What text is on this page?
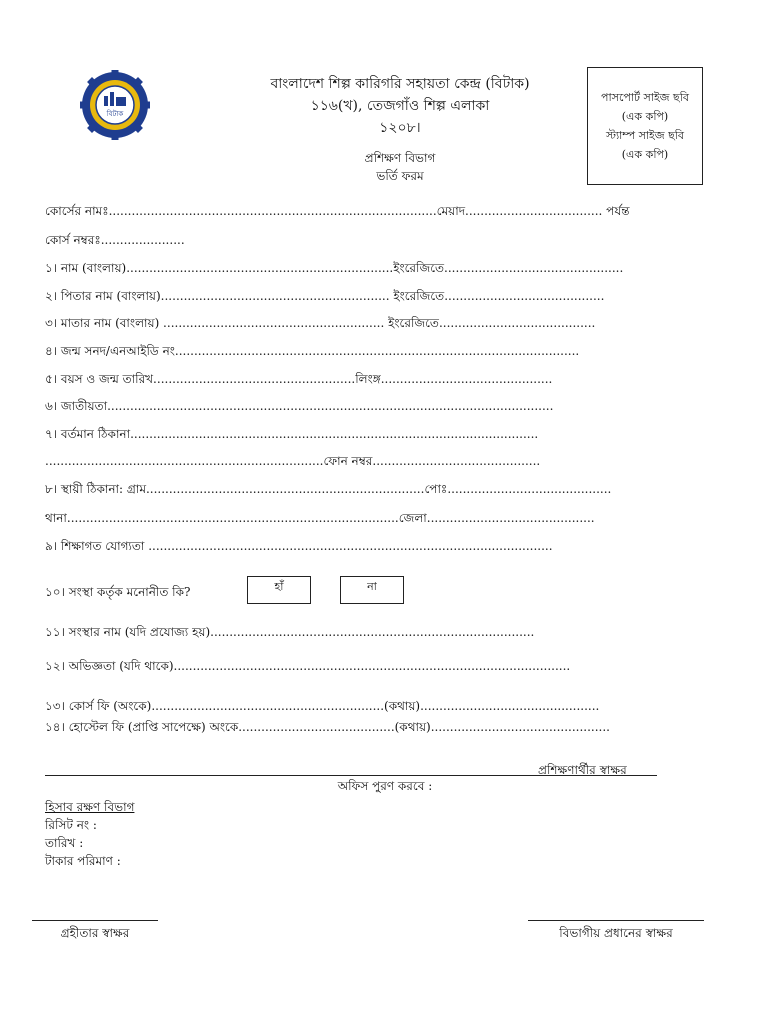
বিটাক
বাংলাদেশ শিল্প কারিগরি সহায়তা কেন্দ্র (বিটাক)
১১৬(খ), তেজগাঁও শিল্প এলাকা
১২০৮।
প্রশিক্ষণ বিভাগ
ভর্তি ফরম
পাসপোর্ট সাইজ ছবি
(এক কপি)
স্ট্যাম্প সাইজ ছবি
(এক কপি)
কোর্সের নামঃ......................................................................................মেয়াদ.................................... পর্যন্ত
কোর্স নম্বরঃ......................
১। নাম (বাংলায়)......................................................................ইংরেজিতে...............................................
২। পিতার নাম (বাংলায়)............................................................ ইংরেজিতে..........................................
৩। মাতার নাম (বাংলায়) .......................................................... ইংরেজিতে.........................................
৪। জন্ম সনদ/এনআইডি নং..........................................................................................................
৫। বয়স ও জন্ম তারিখ.....................................................লিংঙ্গ.............................................
৬। জাতীয়তা.....................................................................................................................
৭। বর্তমান ঠিকানা...........................................................................................................
.........................................................................ফোন নম্বর............................................
৮। স্থায়ী ঠিকানা: গ্রাম.........................................................................পোঃ...........................................
থানা.......................................................................................জেলা............................................
৯। শিক্ষাগত যোগ্যতা ..........................................................................................................
১০। সংস্থা কর্তৃক মনোনীত কি?	হাঁ	না
১১। সংস্থার নাম (যদি প্রযোজ্য হয়).....................................................................................
১২। অভিজ্ঞতা (যদি থাকে)........................................................................................................
১৩। কোর্স ফি (অংকে).............................................................(কথায়)...............................................
১৪। হোস্টেল ফি (প্রাপ্তি সাপেক্ষে) অংকে.........................................(কথায়)...............................................
প্রশিক্ষণার্থীর স্বাক্ষর
অফিস পুরণ করবে :
হিসাব রক্ষণ বিভাগ
রিসিট নং :
তারিখ :
টাকার পরিমাণ :
গ্রহীতার স্বাক্ষর	বিভাগীয় প্রধানের স্বাক্ষর
